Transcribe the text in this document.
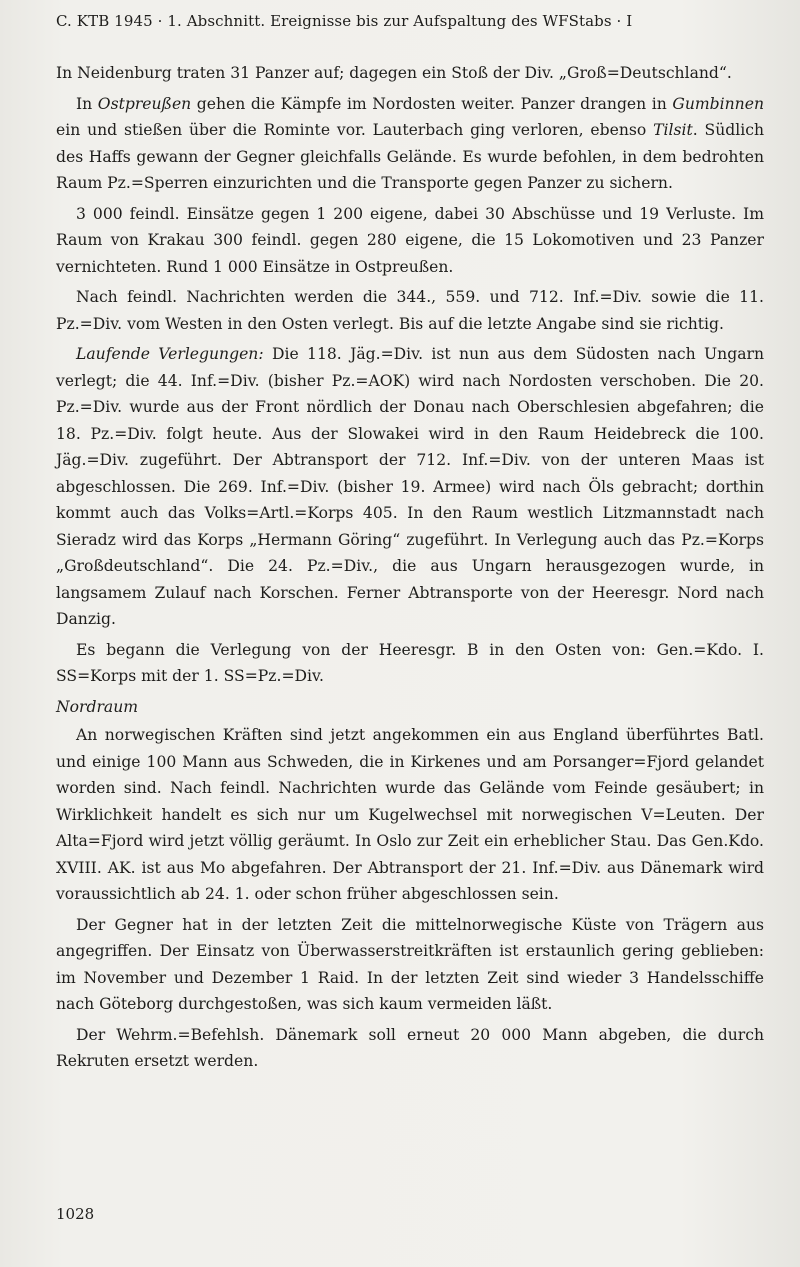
C. KTB 1945 · 1. Abschnitt. Ereignisse bis zur Aufspaltung des WFStabs · I

In Neidenburg traten 31 Panzer auf; dagegen ein Stoß der Div. „Groß=Deutschland“.

In Ostpreußen gehen die Kämpfe im Nordosten weiter. Panzer drangen in Gumbinnen ein und stießen über die Rominte vor. Lauterbach ging verloren, ebenso Tilsit. Südlich des Haffs gewann der Gegner gleichfalls Gelände. Es wurde befohlen, in dem bedrohten Raum Pz.=Sperren einzurichten und die Transporte gegen Panzer zu sichern.

3 000 feindl. Einsätze gegen 1 200 eigene, dabei 30 Abschüsse und 19 Verluste. Im Raum von Krakau 300 feindl. gegen 280 eigene, die 15 Lokomotiven und 23 Panzer vernichteten. Rund 1 000 Einsätze in Ostpreußen.

Nach feindl. Nachrichten werden die 344., 559. und 712. Inf.=Div. sowie die 11. Pz.=Div. vom Westen in den Osten verlegt. Bis auf die letzte Angabe sind sie richtig.

Laufende Verlegungen: Die 118. Jäg.=Div. ist nun aus dem Südosten nach Ungarn verlegt; die 44. Inf.=Div. (bisher Pz.=AOK) wird nach Nordosten verschoben. Die 20. Pz.=Div. wurde aus der Front nördlich der Donau nach Oberschlesien abgefahren; die 18. Pz.=Div. folgt heute. Aus der Slowakei wird in den Raum Heidebreck die 100. Jäg.=Div. zugeführt. Der Abtransport der 712. Inf.=Div. von der unteren Maas ist abgeschlossen. Die 269. Inf.=Div. (bisher 19. Armee) wird nach Öls gebracht; dorthin kommt auch das Volks=Artl.=Korps 405. In den Raum westlich Litzmannstadt nach Sieradz wird das Korps „Hermann Göring“ zugeführt. In Verlegung auch das Pz.=Korps „Großdeutschland“. Die 24. Pz.=Div., die aus Ungarn herausgezogen wurde, in langsamem Zulauf nach Korschen. Ferner Abtransporte von der Heeresgr. Nord nach Danzig.

Es begann die Verlegung von der Heeresgr. B in den Osten von: Gen.=Kdo. I. SS=Korps mit der 1. SS=Pz.=Div.

Nordraum

An norwegischen Kräften sind jetzt angekommen ein aus England überführtes Batl. und einige 100 Mann aus Schweden, die in Kirkenes und am Porsanger=Fjord gelandet worden sind. Nach feindl. Nachrichten wurde das Gelände vom Feinde gesäubert; in Wirklichkeit handelt es sich nur um Kugelwechsel mit norwegischen V=Leuten. Der Alta=Fjord wird jetzt völlig geräumt. In Oslo zur Zeit ein erheblicher Stau. Das Gen.Kdo. XVIII. AK. ist aus Mo abgefahren. Der Abtransport der 21. Inf.=Div. aus Dänemark wird voraussichtlich ab 24. 1. oder schon früher abgeschlossen sein.

Der Gegner hat in der letzten Zeit die mittelnorwegische Küste von Trägern aus angegriffen. Der Einsatz von Überwasserstreitkräften ist erstaunlich gering geblieben: im November und Dezember 1 Raid. In der letzten Zeit sind wieder 3 Handelsschiffe nach Göteborg durchgestoßen, was sich kaum vermeiden läßt.

Der Wehrm.=Befehlsh. Dänemark soll erneut 20 000 Mann abgeben, die durch Rekruten ersetzt werden.

1028
